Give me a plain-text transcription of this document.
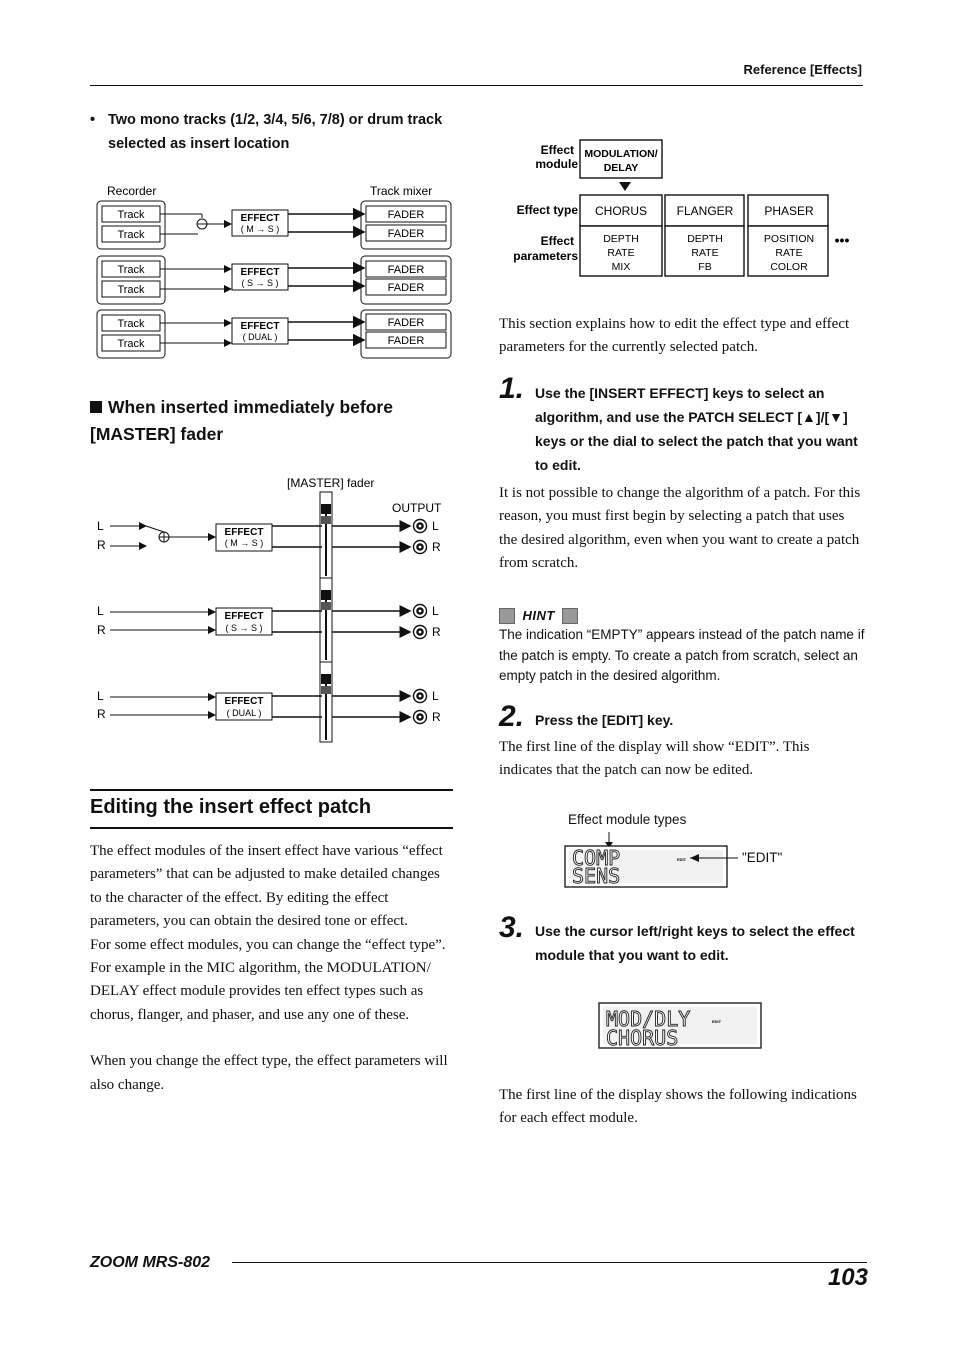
Reference [Effects]
• Two mono tracks (1/2, 3/4, 5/6, 7/8) or drum track selected as insert location
Recorder	Track mixer
Track
Track
EFFECT
( M → S )
FADER
FADER
Track
Track
EFFECT
( S → S )
FADER
FADER
Track
Track
EFFECT
( DUAL )
FADER
FADER
When inserted immediately before [MASTER] fader
[MASTER] fader
OUTPUT
L
R
EFFECT
( M → S )
L
R
L
R
EFFECT
( S → S )
L
R
L
R
EFFECT
( DUAL )
L
R
Editing the insert effect patch
The effect modules of the insert effect have various “effect parameters” that can be adjusted to make detailed changes to the character of the effect. By editing the effect parameters, you can obtain the desired tone or effect.
For some effect modules, you can change the “effect type”. For example in the MIC algorithm, the MODULATION/ DELAY effect module provides ten effect types such as chorus, flanger, and phaser, and use any one of these.
When you change the effect type, the effect parameters will also change.
Effect
module
Effect type
Effect
parameters
MODULATION/
DELAY
CHORUS
DEPTH
RATE
MIX
FLANGER
DEPTH
RATE
FB
PHASER
POSITION
RATE
COLOR
•••
This section explains how to edit the effect type and effect parameters for the currently selected patch.
1. Use the [INSERT EFFECT] keys to select an algorithm, and use the PATCH SELECT [▲]/[▼] keys or the dial to select the patch that you want to edit.
It is not possible to change the algorithm of a patch. For this reason, you must first begin by selecting a patch that uses the desired algorithm, even when you want to create a patch from scratch.
HINT
The indication “EMPTY” appears instead of the patch name if the patch is empty. To create a patch from scratch, select an empty patch in the desired algorithm.
2. Press the [EDIT] key.
The first line of the display will show “EDIT”. This indicates that the patch can now be edited.
Effect module types
COMP
SENS
EDIT	"EDIT"
3. Use the cursor left/right keys to select the effect module that you want to edit.
MOD/DLY
CHORUS
EDIT
The first line of the display shows the following indications for each effect module.
ZOOM MRS-802
103
